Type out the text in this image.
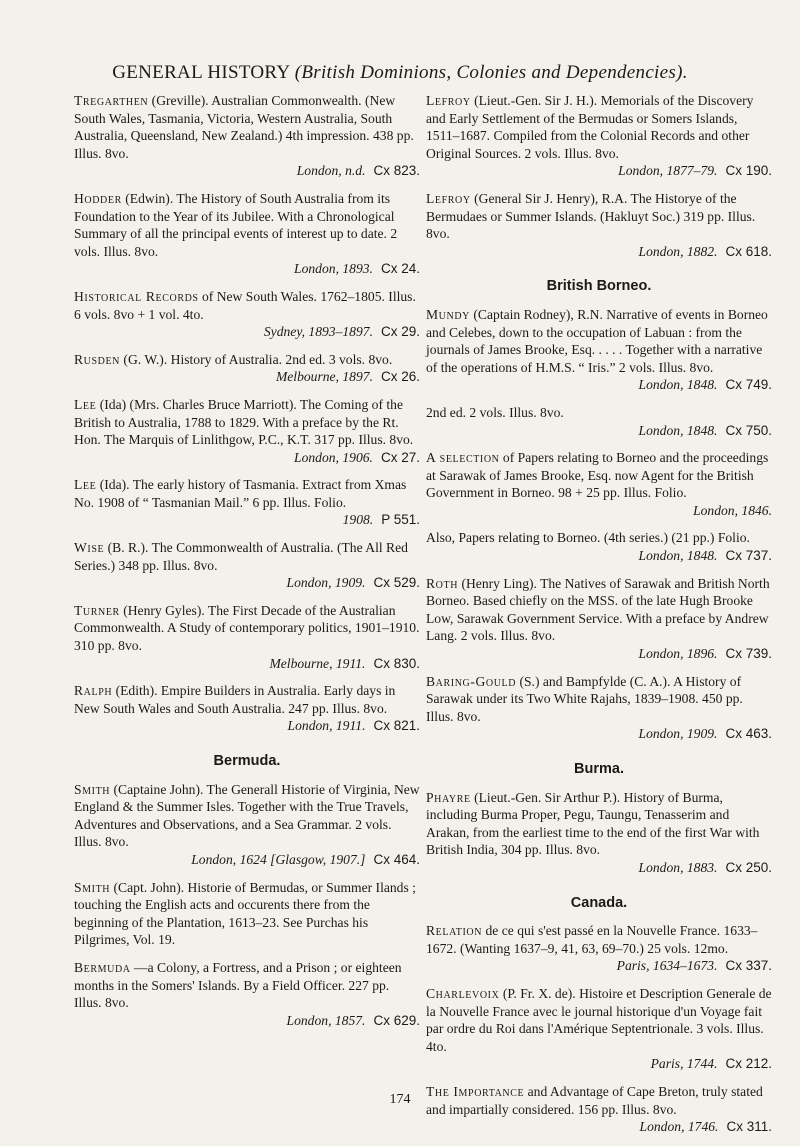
GENERAL HISTORY (British Dominions, Colonies and Dependencies).

Tregarthen (Greville). Australian Commonwealth. (New South Wales, Tasmania, Victoria, Western Australia, South Australia, Queensland, New Zealand.) 4th impression. 438 pp. Illus. 8vo.
London, n.d. Cx 823.

Hodder (Edwin). The History of South Australia from its Foundation to the Year of its Jubilee. With a Chronological Summary of all the principal events of interest up to date. 2 vols. Illus. 8vo.
London, 1893. Cx 24.

Historical Records of New South Wales. 1762–1805. Illus. 6 vols. 8vo + 1 vol. 4to.
Sydney, 1893–1897. Cx 29.

Rusden (G. W.). History of Australia. 2nd ed. 3 vols. 8vo.
Melbourne, 1897. Cx 26.

Lee (Ida) (Mrs. Charles Bruce Marriott). The Coming of the British to Australia, 1788 to 1829. With a preface by the Rt. Hon. The Marquis of Linlithgow, P.C., K.T. 317 pp. Illus. 8vo.
London, 1906. Cx 27.

Lee (Ida). The early history of Tasmania. Extract from Xmas No. 1908 of “ Tasmanian Mail.” 6 pp. Illus. Folio.
1908. P 551.

Wise (B. R.). The Commonwealth of Australia. (The All Red Series.) 348 pp. Illus. 8vo.
London, 1909. Cx 529.

Turner (Henry Gyles). The First Decade of the Australian Commonwealth. A Study of contemporary politics, 1901–1910. 310 pp. 8vo.
Melbourne, 1911. Cx 830.

Ralph (Edith). Empire Builders in Australia. Early days in New South Wales and South Australia. 247 pp. Illus. 8vo.
London, 1911. Cx 821.

Bermuda.

Smith (Captaine John). The Generall Historie of Virginia, New England & the Summer Isles. Together with the True Travels, Adventures and Observations, and a Sea Grammar. 2 vols. Illus. 8vo.
London, 1624 [Glasgow, 1907.] Cx 464.

Smith (Capt. John). Historie of Bermudas, or Summer Ilands ; touching the English acts and occurents there from the beginning of the Plantation, 1613–23. See Purchas his Pilgrimes, Vol. 19.

Bermuda —a Colony, a Fortress, and a Prison ; or eighteen months in the Somers' Islands. By a Field Officer. 227 pp. Illus. 8vo.
London, 1857. Cx 629.

Lefroy (Lieut.-Gen. Sir J. H.). Memorials of the Discovery and Early Settlement of the Bermudas or Somers Islands, 1511–1687. Compiled from the Colonial Records and other Original Sources. 2 vols. Illus. 8vo.
London, 1877–79. Cx 190.

Lefroy (General Sir J. Henry), R.A. The Historye of the Bermudaes or Summer Islands. (Hakluyt Soc.) 319 pp. Illus. 8vo.
London, 1882. Cx 618.

British Borneo.

Mundy (Captain Rodney), R.N. Narrative of events in Borneo and Celebes, down to the occupation of Labuan : from the journals of James Brooke, Esq. . . . . Together with a narrative of the operations of H.M.S. “ Iris.” 2 vols. Illus. 8vo.
London, 1848. Cx 749.

2nd ed. 2 vols. Illus. 8vo.
London, 1848. Cx 750.

A selection of Papers relating to Borneo and the proceedings at Sarawak of James Brooke, Esq. now Agent for the British Government in Borneo. 98 + 25 pp. Illus. Folio.
London, 1846.

Also, Papers relating to Borneo. (4th series.) (21 pp.) Folio.
London, 1848. Cx 737.

Roth (Henry Ling). The Natives of Sarawak and British North Borneo. Based chiefly on the MSS. of the late Hugh Brooke Low, Sarawak Government Service. With a preface by Andrew Lang. 2 vols. Illus. 8vo.
London, 1896. Cx 739.

Baring-Gould (S.) and Bampfylde (C. A.). A History of Sarawak under its Two White Rajahs, 1839–1908. 450 pp. Illus. 8vo.
London, 1909. Cx 463.

Burma.

Phayre (Lieut.-Gen. Sir Arthur P.). History of Burma, including Burma Proper, Pegu, Taungu, Tenasserim and Arakan, from the earliest time to the end of the first War with British India, 304 pp. Illus. 8vo.
London, 1883. Cx 250.

Canada.

Relation de ce qui s'est passé en la Nouvelle France. 1633–1672. (Wanting 1637–9, 41, 63, 69–70.) 25 vols. 12mo.
Paris, 1634–1673. Cx 337.

Charlevoix (P. Fr. X. de). Histoire et Description Generale de la Nouvelle France avec le journal historique d'un Voyage fait par ordre du Roi dans l'Amérique Septentrionale. 3 vols. Illus. 4to.
Paris, 1744. Cx 212.

The Importance and Advantage of Cape Breton, truly stated and impartially considered. 156 pp. Illus. 8vo.
London, 1746. Cx 311.

174
